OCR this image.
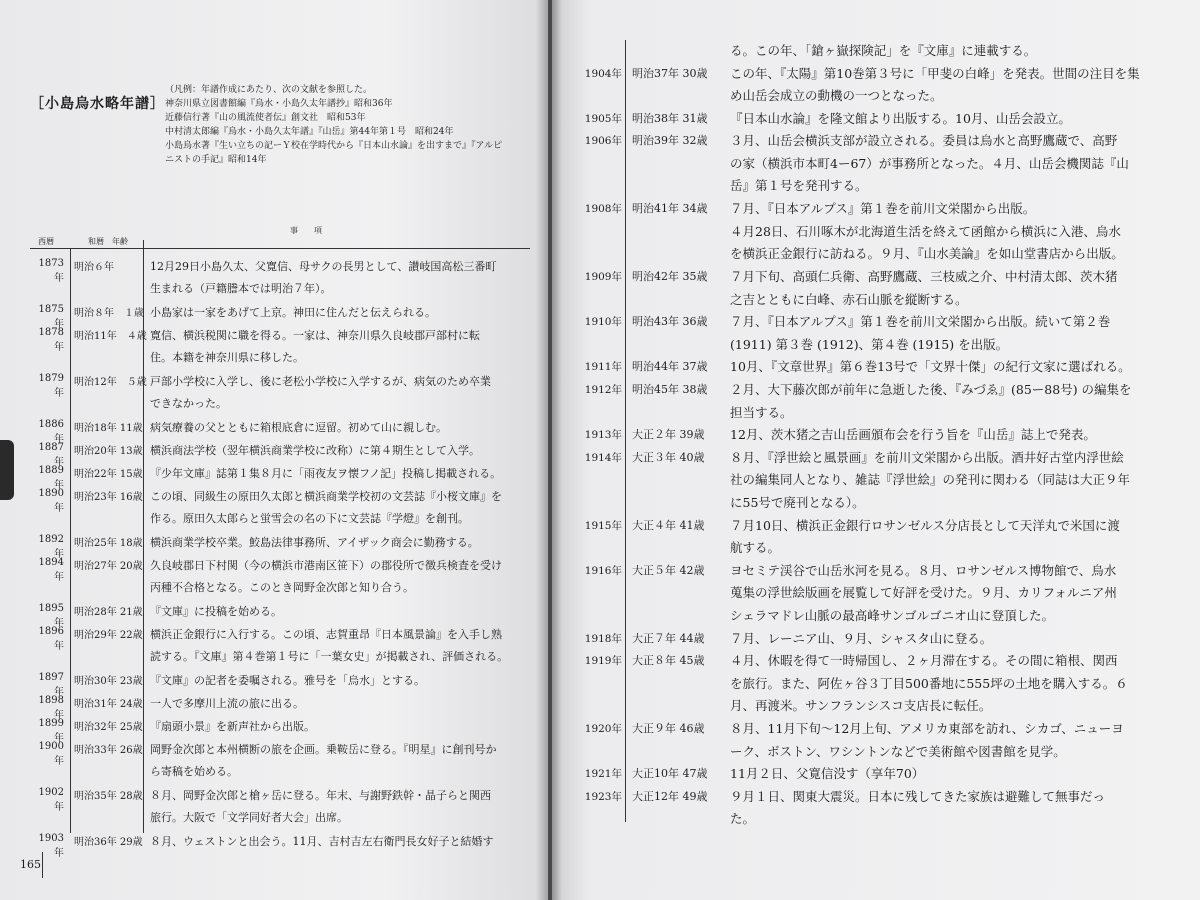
［小島烏水略年譜］
（凡例：年譜作成にあたり、次の文献を参照した。
神奈川県立図書館編『烏水・小島久太年譜抄』昭和36年
近藤信行著『山の風流使者伝』創文社　昭和53年
中村清太郎編『烏水・小島久太年譜』『山岳』第44年第１号　昭和24年
小島烏水著『生い立ちの記ーＹ校在学時代から『日本山水論』を出すまで』『アルピ
ニストの手記』昭和14年
西暦	和暦　年齢
事　　項
1873年
明治６年	12月29日小島久太、父寛信、母サクの長男として、讃岐国高松三番町
生まれる（戸籍謄本では明治７年）。
1875年
明治８年　１歳 小島家は一家をあげて上京。神田に住んだと伝えられる。
1878年
明治11年　４歳 寛信、横浜税関に職を得る。一家は、神奈川県久良岐郡戸部村に転
住。本籍を神奈川県に移した。
1879年
明治12年　５歳 戸部小学校に入学し、後に老松小学校に入学するが、病気のため卒業
できなかった。
1886年
明治18年 11歳 病気療養の父とともに箱根底倉に逗留。初めて山に親しむ。
1887年
明治20年 13歳 横浜商法学校（翌年横浜商業学校に改称）に第４期生として入学。
1889年
明治22年 15歳 『少年文庫』誌第１集８月に「雨夜友ヲ懐フノ記」投稿し掲載される。
1890年
明治23年 16歳 この頃、同級生の原田久太郎と横浜商業学校初の文芸誌『小桜文庫』を
作る。原田久太郎らと蛍雪会の名の下に文芸誌『学燈』を創刊。
1892年
明治25年 18歳 横浜商業学校卒業。鮫島法律事務所、アイザック商会に勤務する。
1894年
明治27年 20歳 久良岐郡日下村関（今の横浜市港南区笹下）の郡役所で徴兵検査を受け
丙種不合格となる。このとき岡野金次郎と知り合う。
1895年
明治28年 21歳 『文庫』に投稿を始める。
1896年
明治29年 22歳 横浜正金銀行に入行する。この頃、志賀重昂『日本風景論』を入手し熟
読する。『文庫』第４巻第１号に「一葉女史」が掲載され、評価される。
1897年
明治30年 23歳 『文庫』の記者を委嘱される。雅号を「烏水」とする。
1898年
明治31年 24歳 一人で多摩川上流の旅に出る。
1899年
明治32年 25歳 『扇頭小景』を新声社から出版。
1900年
明治33年 26歳 岡野金次郎と本州横断の旅を企画。乗鞍岳に登る。『明星』に創刊号か
ら寄稿を始める。
1902年
明治35年 28歳 ８月、岡野金次郎と槍ヶ岳に登る。年末、与謝野鉄幹・晶子らと関西
旅行。大阪で「文学同好者大会」出席。
1903年
明治36年 29歳 ８月、ウェストンと出会う。11月、吉村吉左右衛門長女好子と結婚す
165
る。この年、「鎗ヶ嶽探険記」を『文庫』に連載する。
1904年 明治37年 30歳 この年、『太陽』第10巻第３号に「甲斐の白峰」を発表。世間の注目を集
め山岳会成立の動機の一つとなった。
1905年 明治38年 31歳 『日本山水論』を隆文館より出版する。10月、山岳会設立。
1906年 明治39年 32歳 ３月、山岳会横浜支部が設立される。委員は烏水と高野鷹蔵で、高野
の家（横浜市本町4ー67）が事務所となった。４月、山岳会機関誌『山
岳』第１号を発刊する。
1908年 明治41年 34歳 ７月、『日本アルプス』第１巻を前川文栄閣から出版。
４月28日、石川啄木が北海道生活を終えて函館から横浜に入港、烏水
を横浜正金銀行に訪ねる。９月、『山水美論』を如山堂書店から出版。
1909年 明治42年 35歳 ７月下旬、高頭仁兵衛、高野鷹蔵、三枝威之介、中村清太郎、茨木猪
之吉とともに白峰、赤石山脈を縦断する。
1910年 明治43年 36歳 ７月、『日本アルプス』第１巻を前川文栄閣から出版。続いて第２巻
(1911) 第３巻 (1912)、第４巻 (1915) を出版。
1911年 明治44年 37歳 10月、『文章世界』第６巻13号で「文界十傑」の紀行文家に選ばれる。
1912年 明治45年 38歳 ２月、大下藤次郎が前年に急逝した後、『みづゑ』(85ー88号) の編集を
担当する。
1913年 大正２年 39歳 12月、茨木猪之吉山岳画頒布会を行う旨を『山岳』誌上で発表。
1914年 大正３年 40歳 ８月、『浮世絵と風景画』を前川文栄閣から出版。酒井好古堂内浮世絵
社の編集同人となり、雑誌『浮世絵』の発刊に関わる（同誌は大正９年
に55号で廃刊となる）。
1915年 大正４年 41歳 ７月10日、横浜正金銀行ロサンゼルス分店長として天洋丸で米国に渡
航する。
1916年 大正５年 42歳 ヨセミテ渓谷で山岳氷河を見る。８月、ロサンゼルス博物館で、烏水
蒐集の浮世絵版画を展覧して好評を受けた。９月、カリフォルニア州
シェラマドレ山脈の最高峰サンゴルゴニオ山に登頂した。
1918年 大正７年 44歳 ７月、レーニア山、９月、シャスタ山に登る。
1919年 大正８年 45歳 ４月、休暇を得て一時帰国し、２ヶ月滞在する。その間に箱根、関西
を旅行。また、阿佐ヶ谷３丁目500番地に555坪の土地を購入する。６
月、再渡米。サンフランシスコ支店長に転任。
1920年 大正９年 46歳 ８月、11月下旬〜12月上旬、アメリカ東部を訪れ、シカゴ、ニューヨ
ーク、ボストン、ワシントンなどで美術館や図書館を見学。
1921年 大正10年 47歳 11月２日、父寛信没す（享年70）
1923年 大正12年 49歳 ９月１日、関東大震災。日本に残してきた家族は避難して無事だっ
た。
